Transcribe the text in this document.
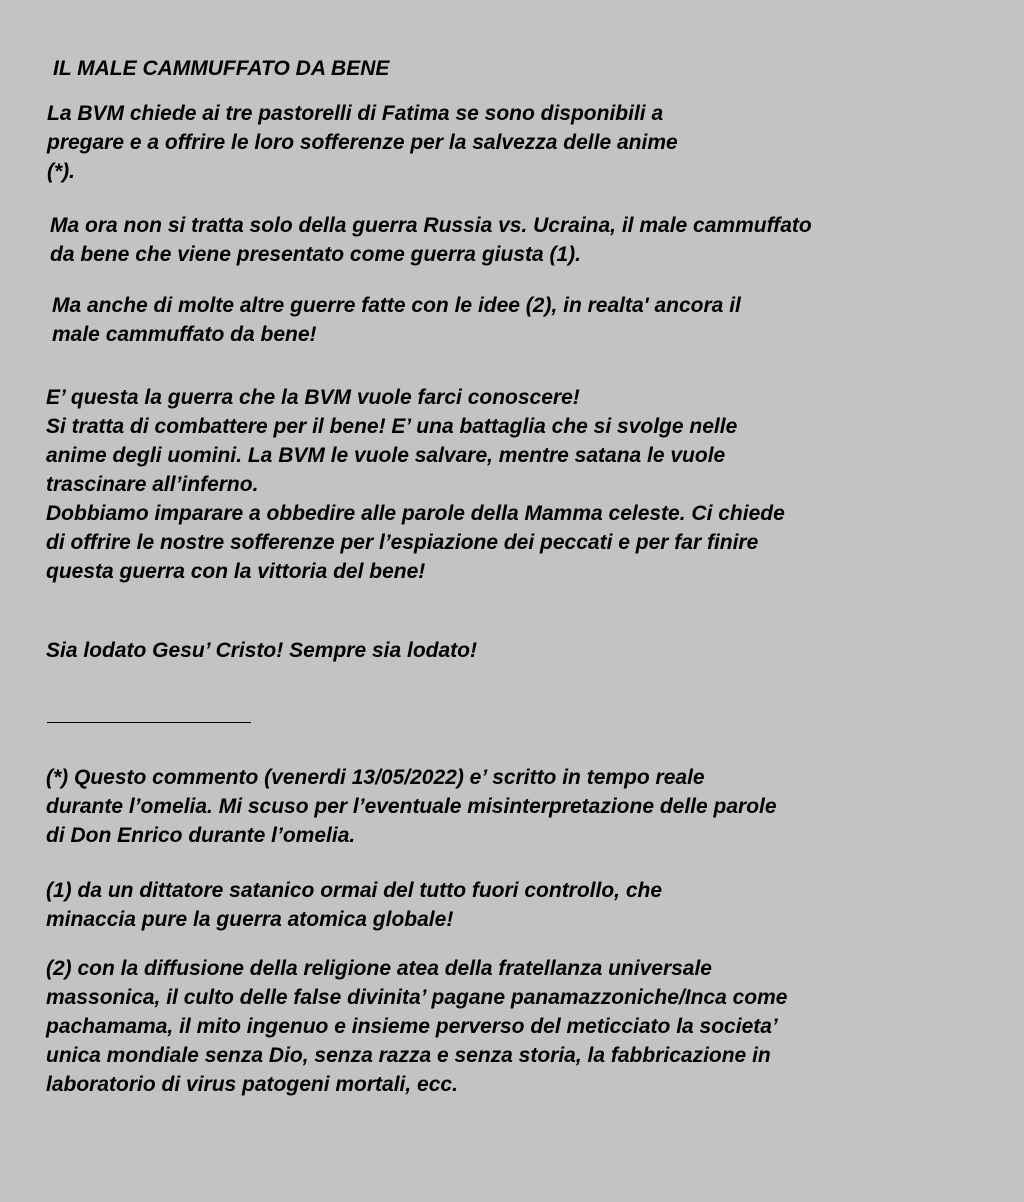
IL MALE CAMMUFFATO DA BENE
La BVM chiede ai tre pastorelli di Fatima se sono disponibili a
pregare e a offrire le loro sofferenze per la salvezza delle anime
(*).
Ma ora non si tratta solo della guerra Russia vs. Ucraina, il male cammuffato
da bene che viene presentato come guerra giusta (1).
Ma anche di molte altre guerre fatte con le idee (2), in realta' ancora il
male cammuffato da bene!
E’ questa la guerra che la BVM vuole farci conoscere!
Si tratta di combattere per il bene! E’ una battaglia che si svolge nelle
anime degli uomini. La BVM le vuole salvare, mentre satana le vuole
trascinare all’inferno.
Dobbiamo imparare a obbedire alle parole della Mamma celeste. Ci chiede
di offrire le nostre sofferenze per l’espiazione dei peccati e per far finire
questa guerra con la vittoria del bene!
Sia lodato Gesu’ Cristo! Sempre sia lodato!
(*) Questo commento (venerdi 13/05/2022) e’ scritto in tempo reale
durante l’omelia. Mi scuso per l’eventuale misinterpretazione delle parole
di Don Enrico durante l’omelia.
(1) da un dittatore satanico ormai del tutto fuori controllo, che
minaccia pure la guerra atomica globale!
(2) con la diffusione della religione atea della fratellanza universale
massonica, il culto delle false divinita’ pagane panamazzoniche/Inca come
pachamama, il mito ingenuo e insieme perverso del meticciato la societa’
unica mondiale senza Dio, senza razza e senza storia, la fabbricazione in
laboratorio di virus patogeni mortali, ecc.
